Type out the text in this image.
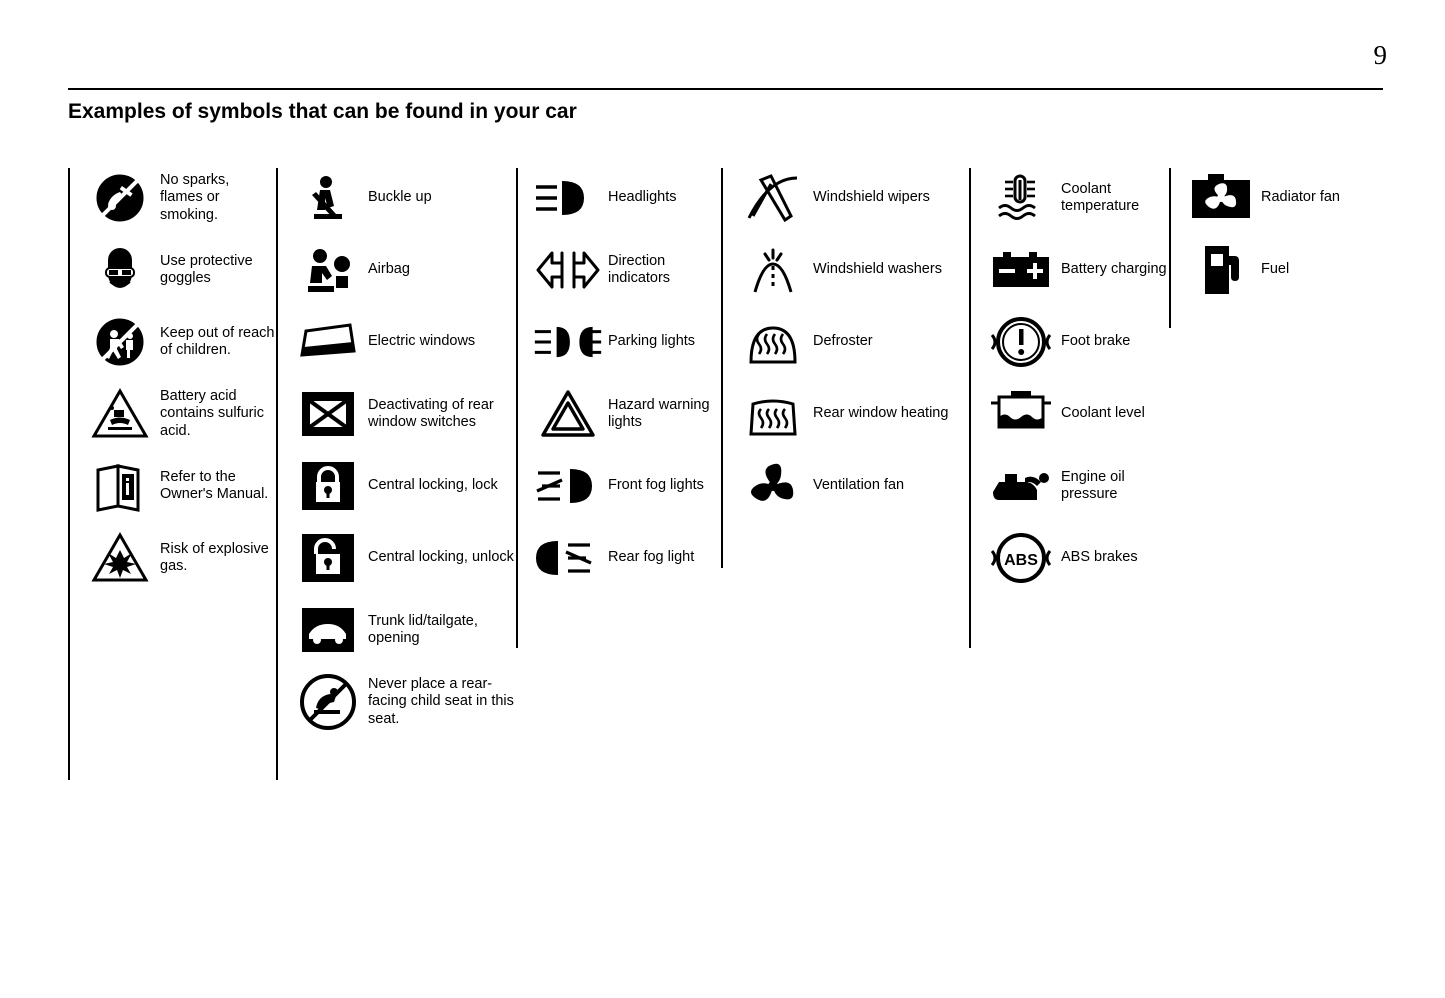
9
Examples of symbols that can be found in your car
No sparks, flames or smoking.
Use protective goggles
Keep out of reach of children.
Battery acid contains sulfuric acid.
Refer to the Owner's Manual.
Risk of explosive gas.
Buckle up
Airbag
Electric windows
Deactivating of rear window switches
Central locking, lock
Central locking, unlock
Trunk lid/tailgate, opening
Never place a rear-facing child seat in this seat.
Headlights
Direction indicators
Parking lights
Hazard warning lights
Front fog lights
Rear fog light
Windshield wipers
Windshield washers
Defroster
Rear window heating
Ventilation fan
Coolant temperature
Battery charging
Foot brake
Coolant level
Engine oil pressure
ABS ABS brakes
Radiator fan
Fuel
